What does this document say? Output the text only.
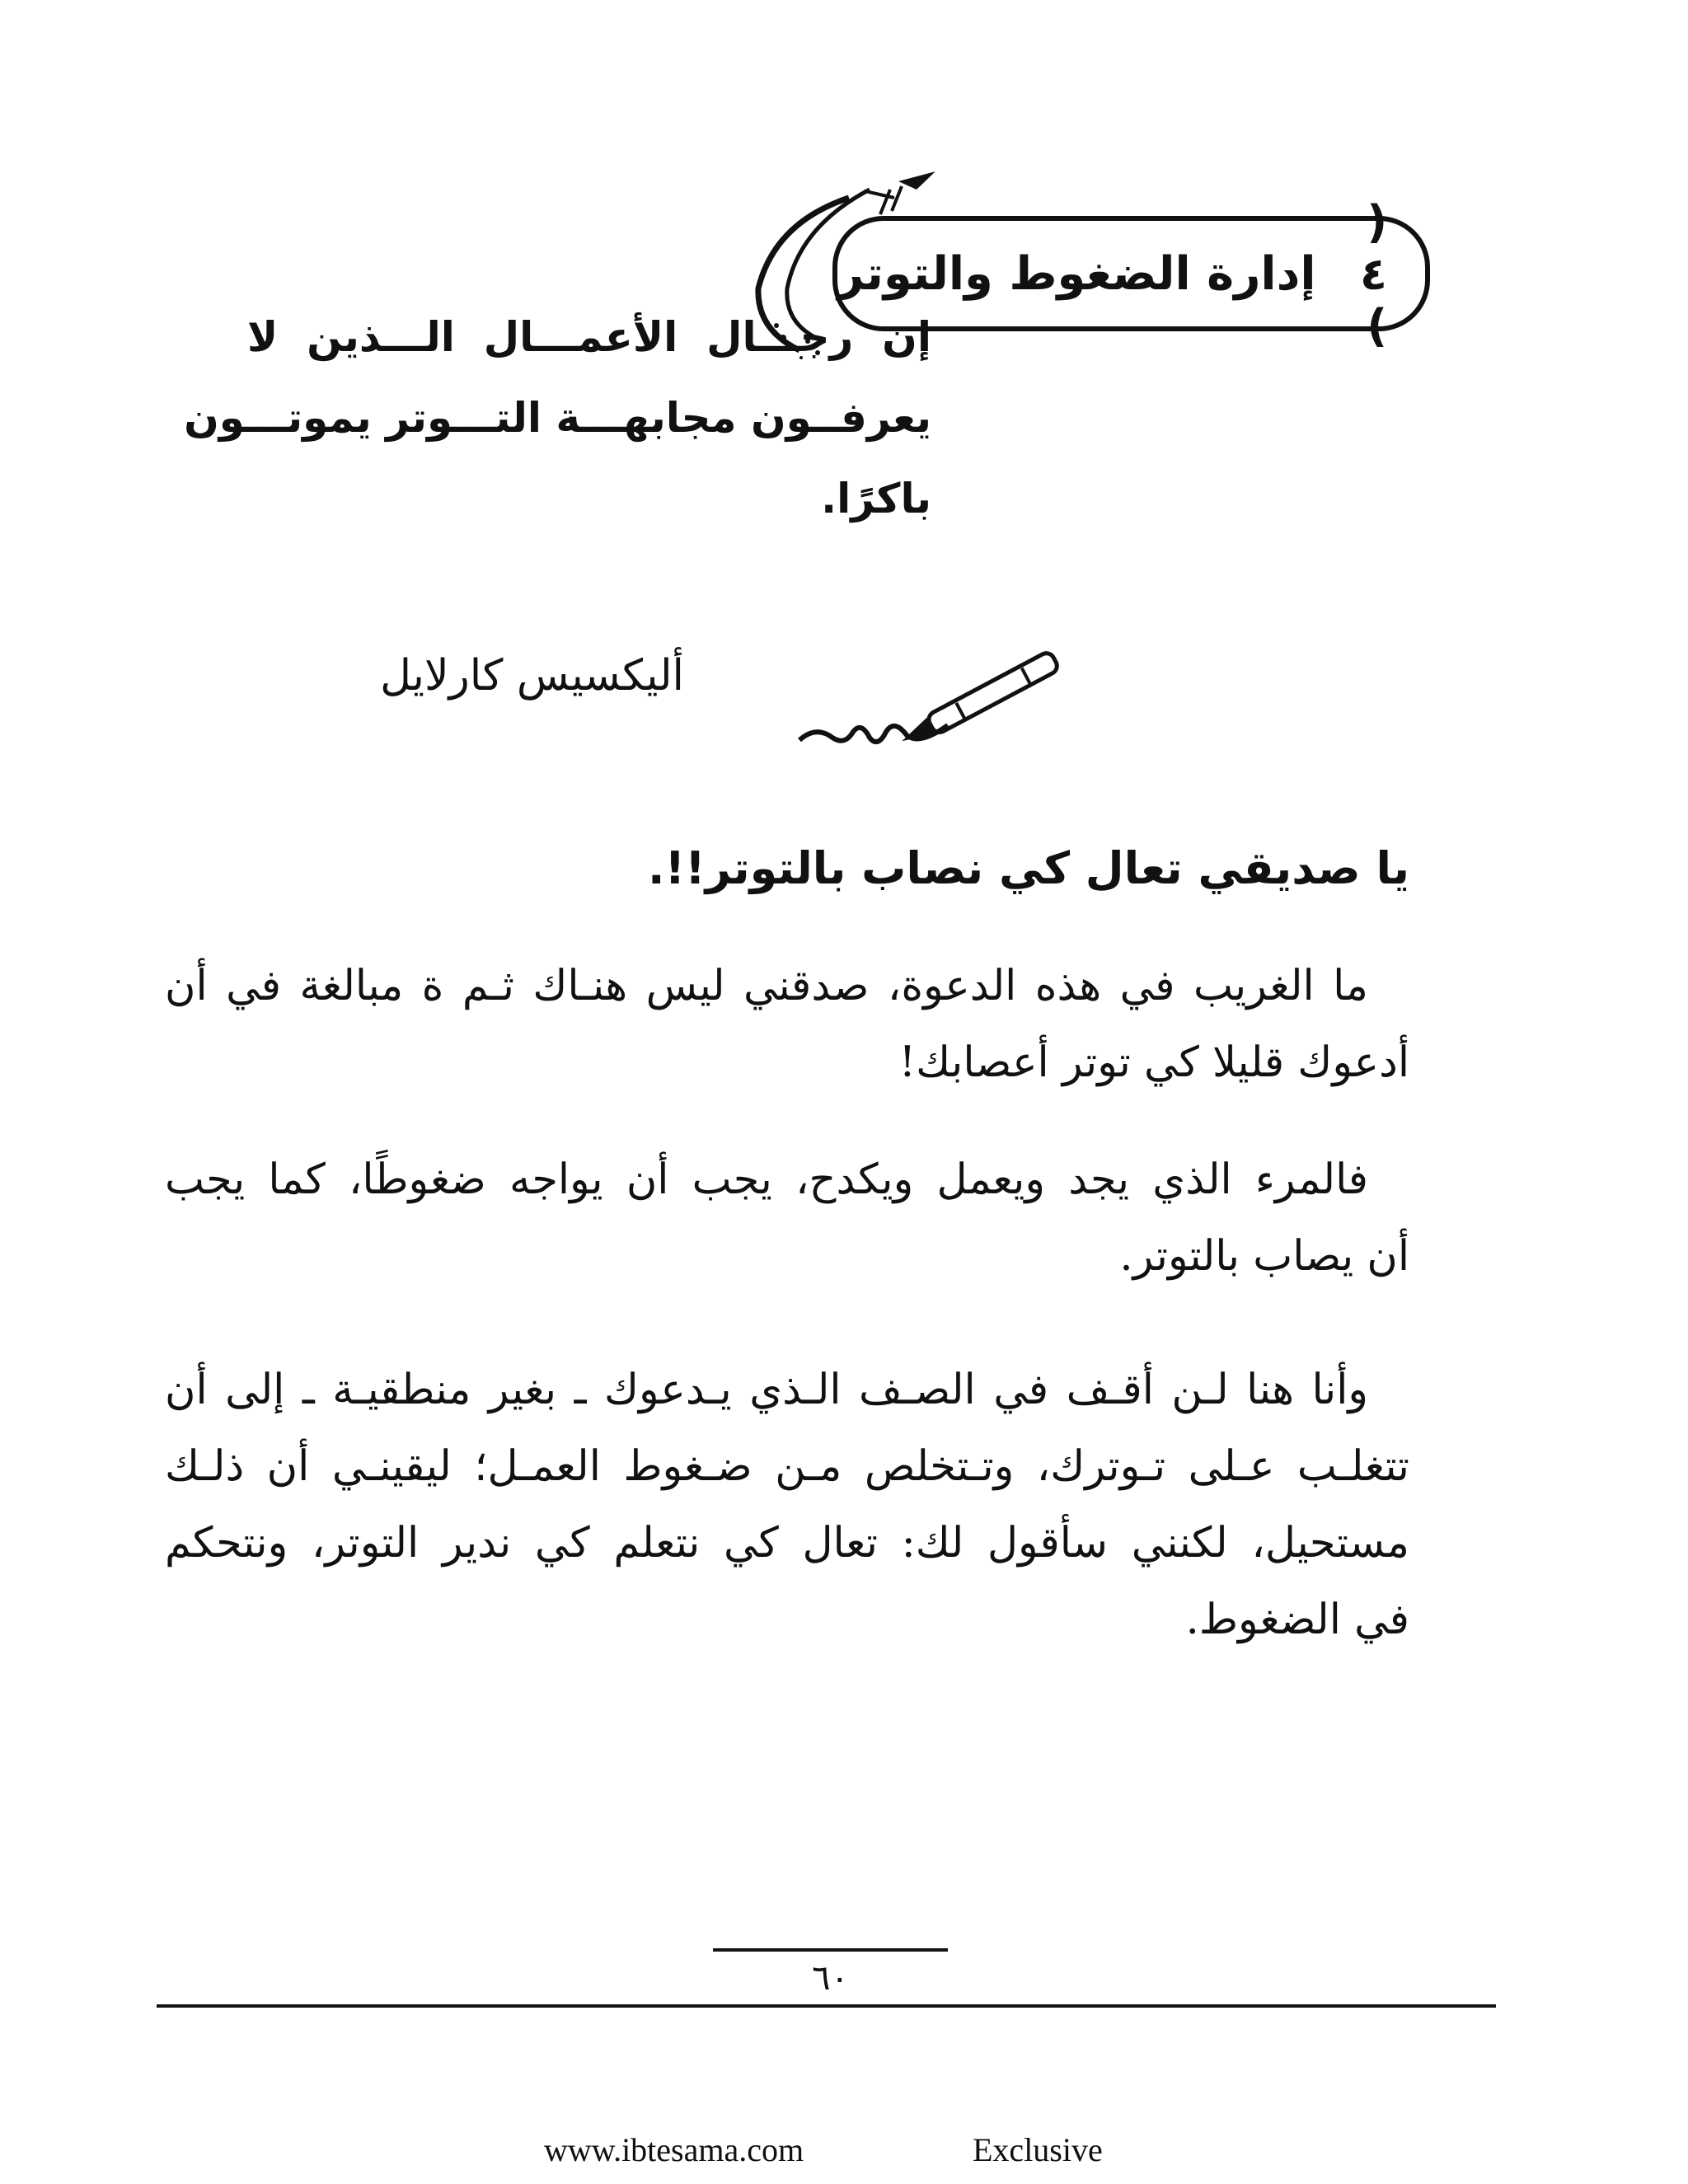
( ٤ )
إدارة الضغوط والتوتر
إن رجـــال الأعمـــال الـــذين لا
يعرفــون مجابهـــة التـــوتر يموتـــون
باكرًا.
أليكسيس كارلايل
يا صديقي تعال كي نصاب بالتوتر!!.
ما الغريب في هذه الدعوة، صدقني ليس هنـاك ثـم ة مبالغة في أن
أدعوك قليلا كي توتر أعصابك!
فالمرء الذي يجد ويعمل ويكدح، يجب أن يواجه ضغوطًا، كما يجب
أن يصاب بالتوتر.
وأنا هنا لـن أقـف في الصـف الـذي يـدعوك ـ بغير منطقيـة ـ إلى أن
تتغلـب عـلى تـوترك، وتـتخلص مـن ضـغوط العمـل؛ ليقينـي أن ذلـك
مستحيل، لكنني سأقول لك: تعال كي نتعلم كي ندير التوتر، ونتحكم
في الضغوط.
٦٠
www.ibtesama.com	Exclusive
